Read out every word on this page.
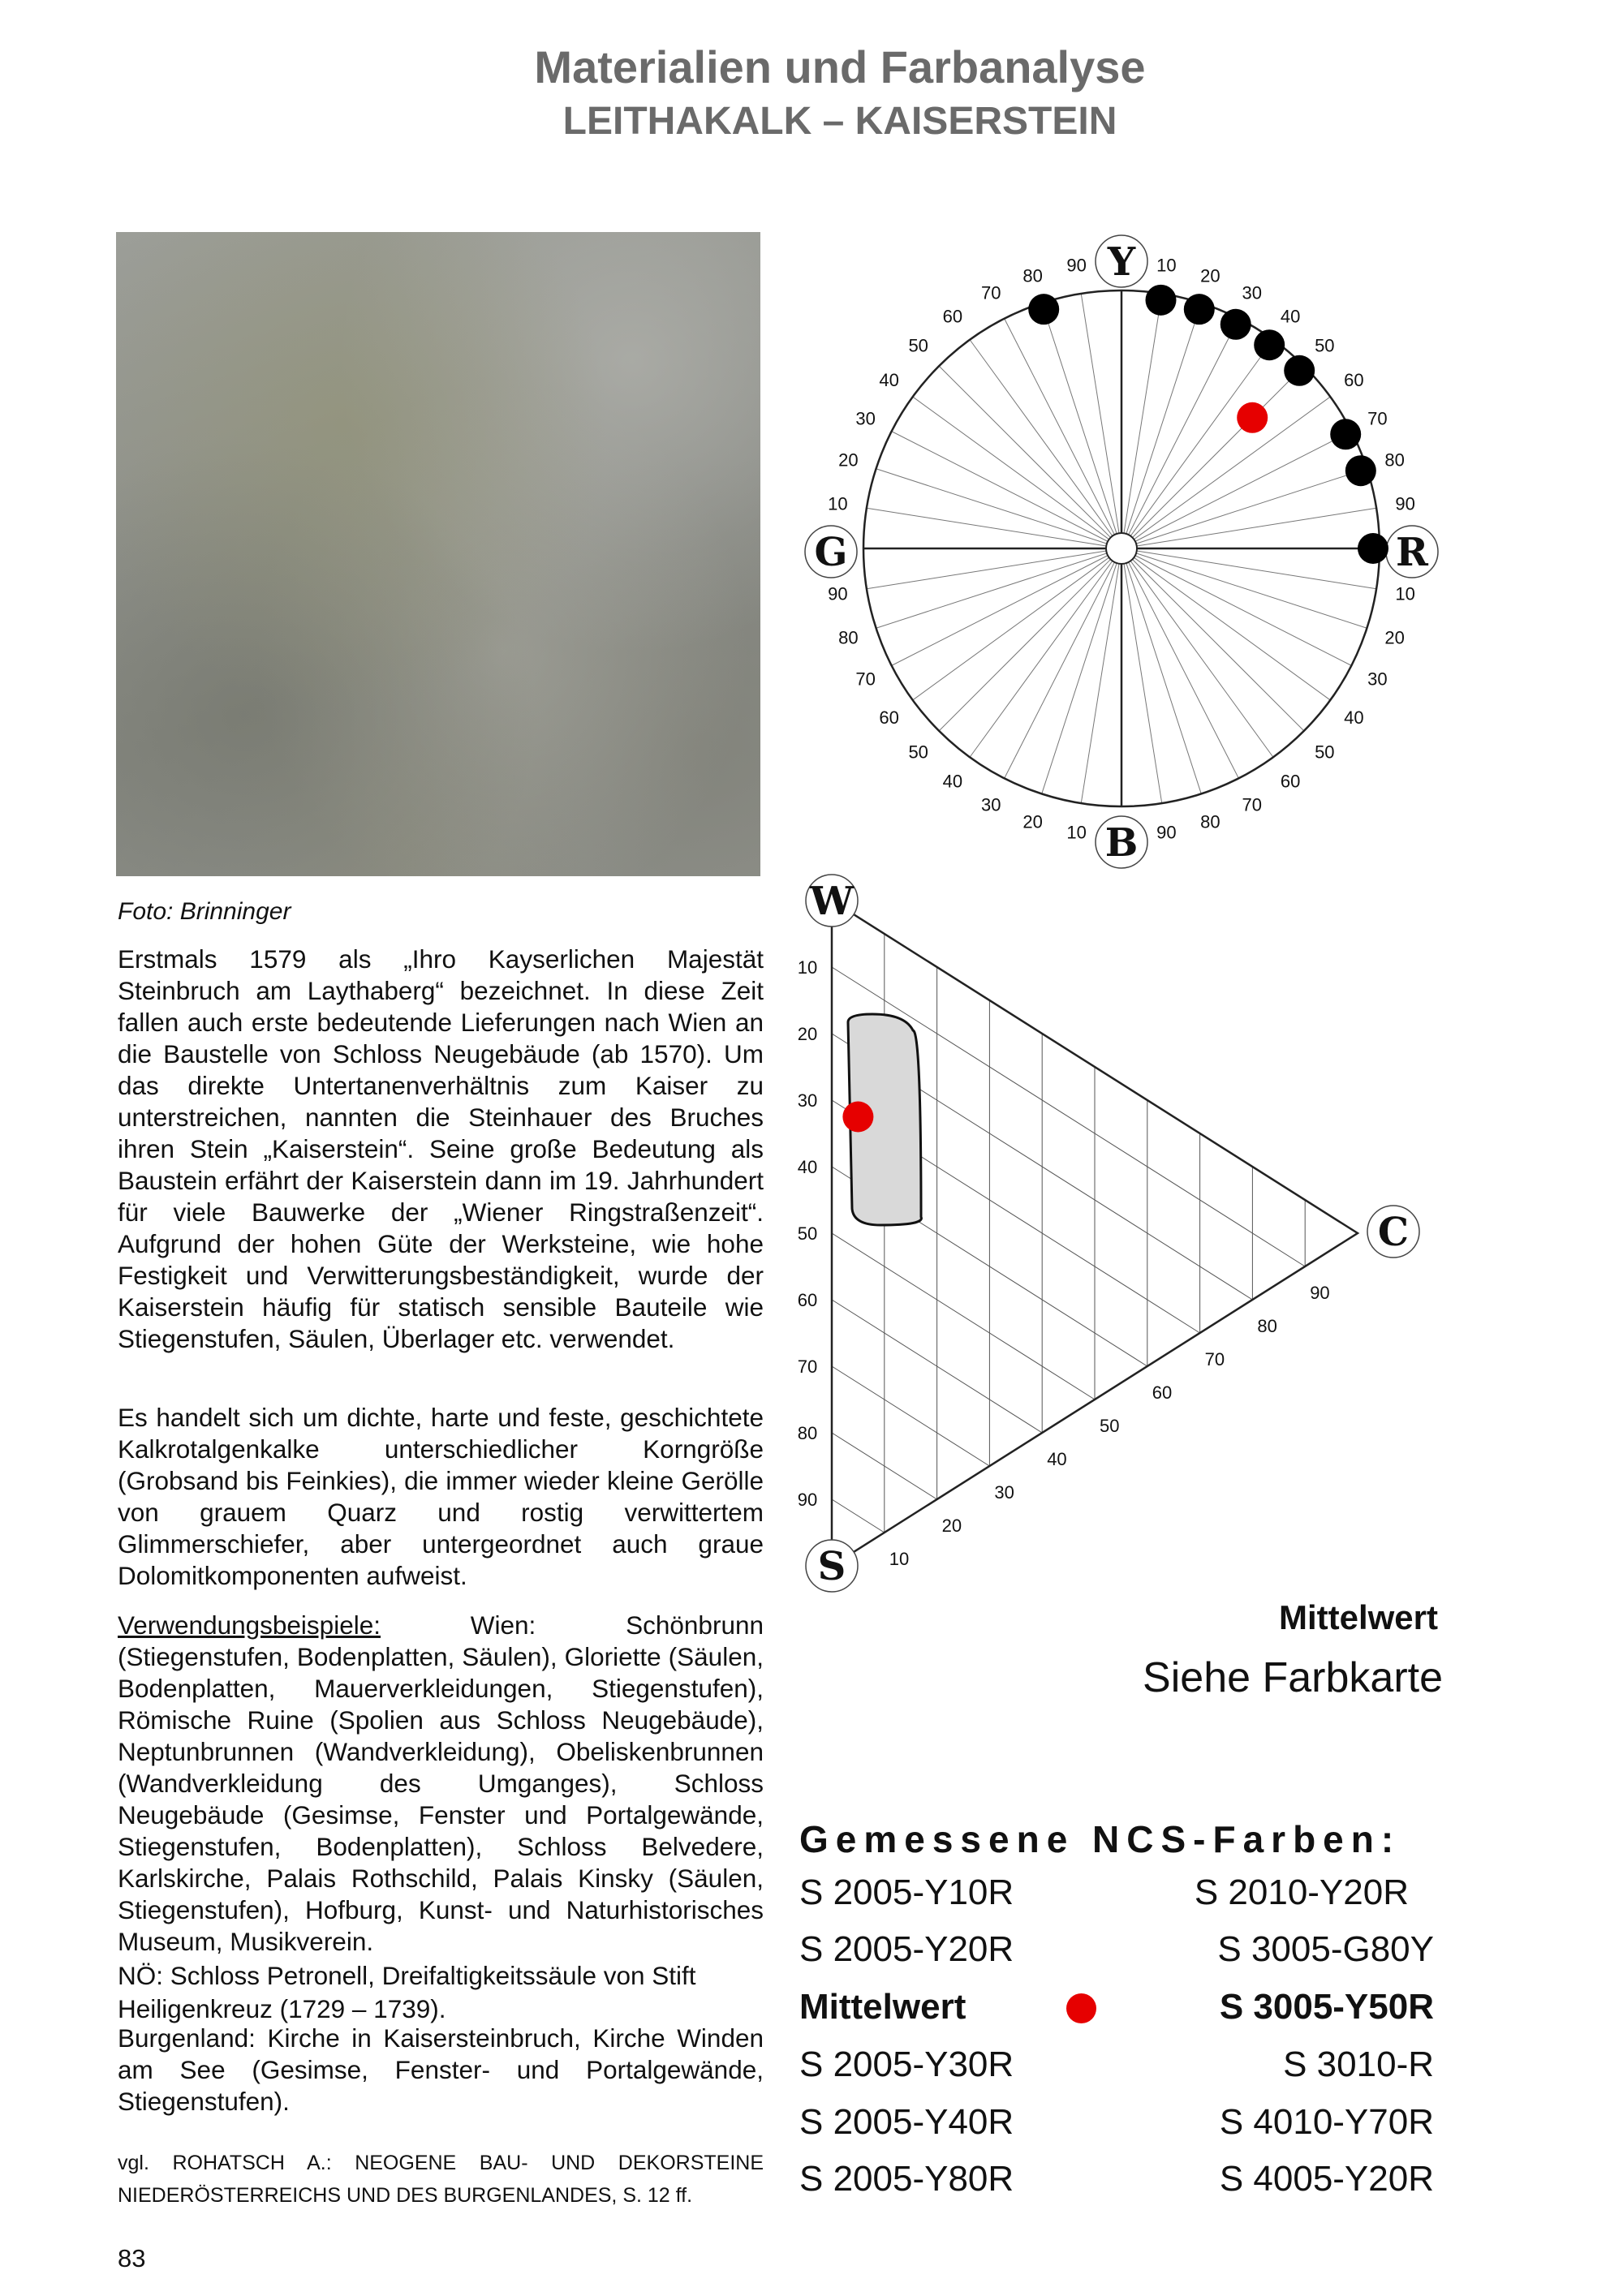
Materialien und Farbanalyse
LEITHAKALK – KAISERSTEIN
Foto: Brinninger
Erstmals 1579 als „Ihro Kayserlichen Majestät Steinbruch am Laythaberg“ bezeichnet. In diese Zeit fallen auch erste bedeutende Lieferungen nach Wien an die Baustelle von Schloss Neugebäude (ab 1570). Um das direkte Untertanenverhältnis zum Kaiser zu unterstreichen, nannten die Steinhauer des Bruches ihren Stein „Kaiserstein“. Seine große Bedeutung als Baustein erfährt der Kaiserstein dann im 19. Jahrhundert für viele Bauwerke der „Wiener Ringstraßenzeit“. Aufgrund der hohen Güte der Werksteine, wie hohe Festigkeit und Verwitterungsbeständigkeit, wurde der Kaiserstein häufig für statisch sensible Bauteile wie Stiegenstufen, Säulen, Überlager etc. verwendet.
Es handelt sich um dichte, harte und feste, geschichtete Kalkrotalgenkalke unterschiedlicher Korngröße (Grobsand bis Feinkies), die immer wieder kleine Gerölle von grauem Quarz und rostig verwittertem Glimmerschiefer, aber untergeordnet auch graue Dolomitkomponenten aufweist.
Verwendungsbeispiele: Wien: Schönbrunn (Stiegenstufen, Bodenplatten, Säulen), Gloriette (Säulen, Bodenplatten, Mauerverkleidungen, Stiegenstufen), Römische Ruine (Spolien aus Schloss Neugebäude), Neptunbrunnen (Wandverkleidung), Obeliskenbrunnen (Wandverkleidung des Umganges), Schloss Neugebäude (Gesimse, Fenster und Portalgewände, Stiegenstufen, Bodenplatten), Schloss Belvedere, Karlskirche, Palais Rothschild, Palais Kinsky (Säulen, Stiegenstufen), Hofburg, Kunst- und Naturhistorisches Museum, Musikverein.
NÖ: Schloss Petronell, Dreifaltigkeitssäule von Stift
Heiligenkreuz (1729 – 1739).
Burgenland: Kirche in Kaisersteinbruch, Kirche Winden am See (Gesimse, Fenster- und Portalgewände, Stiegenstufen).
vgl. ROHATSCH A.: NEOGENE BAU- UND DEKORSTEINE NIEDERÖSTERREICHS UND DES BURGENLANDES, S. 12 ff.
83
10
20
30
40
50
60
70
80
90
10
20
30
40
50
60
70
80
90
10
20
30
40
50
60
70
80
90
10
20
30
40
50
60
70
80
90 Y
R
B
G
10
10
20
20
30
30
40
40
50
50
60
60
70	70
80
80
90
90
W
S
C
Mittelwert
Siehe Farbkarte
Gemessene NCS-Farben:
S 2005-Y10R
S 2005-Y20R
Mittelwert
S 2005-Y30R
S 2005-Y40R
S 2005-Y80R
S 2010-Y20R
S 3005-G80Y
S 3005-Y50R
S 3010-R
S 4010-Y70R
S 4005-Y20R
